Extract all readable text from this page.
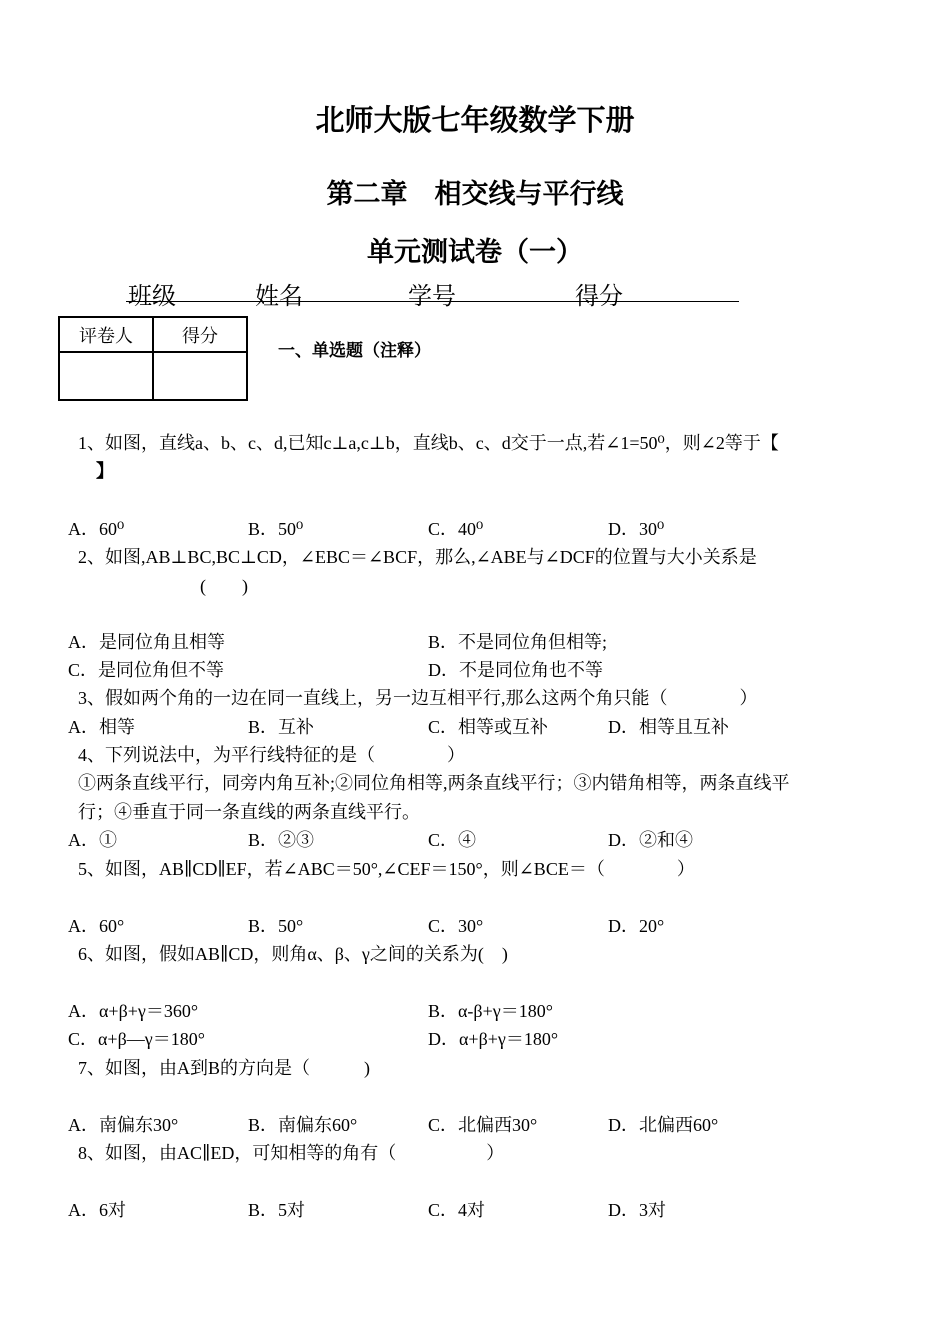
北师大版七年级数学下册
第二章　相交线与平行线
单元测试卷（一）
班级	姓名	学号	得分
评卷人	得分

一、单选题（注释）
1、如图，直线a、b、c、d,已知c⊥a,c⊥b，直线b、c、d交于一点,若∠1=50⁰，则∠2等于【
】
A．60⁰	B．50⁰	C．40⁰	D．30⁰
2、如图,AB⊥BC,BC⊥CD，∠EBC＝∠BCF，那么,∠ABE与∠DCF的位置与大小关系是
(　　)
A．是同位角且相等	B．不是同位角但相等;
C．是同位角但不等	D．不是同位角也不等
3、假如两个角的一边在同一直线上，另一边互相平行,那么这两个角只能（　　　　）
A．相等	B．互补	C．相等或互补	D．相等且互补
4、下列说法中，为平行线特征的是（　　　　）
①两条直线平行，同旁内角互补;②同位角相等,两条直线平行；③内错角相等，两条直线平
行；④垂直于同一条直线的两条直线平行。
A．①	B．②③	C．④	D．②和④
5、如图，AB∥CD∥EF，若∠ABC＝50°,∠CEF＝150°，则∠BCE＝（　　　　）
A．60°	B．50°	C．30°	D．20°
6、如图，假如AB∥CD，则角α、β、γ之间的关系为(　)
A．α+β+γ＝360°	B．α-β+γ＝180°
C．α+β—γ＝180°	D．α+β+γ＝180°
7、如图，由A到B的方向是（　　　)
A．南偏东30°	B．南偏东60°	C．北偏西30°	D．北偏西60°
8、如图，由AC∥ED，可知相等的角有（　　　　　）
A．6对	B．5对	C．4对	D．3对
